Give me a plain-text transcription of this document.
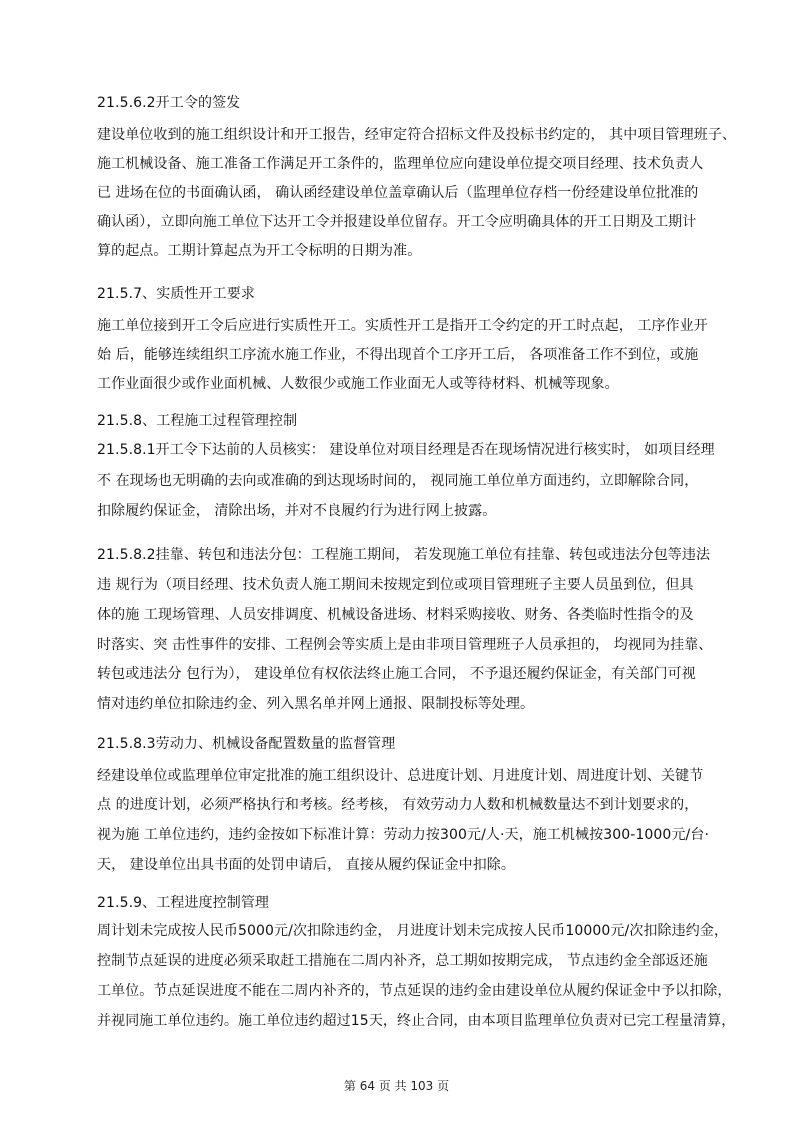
21.5.6.2开工令的签发
建设单位收到的施工组织设计和开工报告，经审定符合招标文件及投标书约定的， 其中项目管理班子、
施工机械设备、施工准备工作满足开工条件的，监理单位应向建设单位提交项目经理、技术负责人
已 进场在位的书面确认函， 确认函经建设单位盖章确认后（监理单位存档一份经建设单位批准的
确认函），立即向施工单位下达开工令并报建设单位留存。开工令应明确具体的开工日期及工期计
算的起点。工期计算起点为开工令标明的日期为准。
21.5.7、实质性开工要求
施工单位接到开工令后应进行实质性开工。实质性开工是指开工令约定的开工时点起， 工序作业开
始 后，能够连续组织工序流水施工作业，不得出现首个工序开工后， 各项准备工作不到位，或施
工作业面很少或作业面机械、人数很少或施工作业面无人或等待材料、机械等现象。
21.5.8、工程施工过程管理控制
21.5.8.1开工令下达前的人员核实： 建设单位对项目经理是否在现场情况进行核实时， 如项目经理
不 在现场也无明确的去向或准确的到达现场时间的， 视同施工单位单方面违约，立即解除合同，
扣除履约保证金， 清除出场，并对不良履约行为进行网上披露。
21.5.8.2挂靠、转包和违法分包：工程施工期间， 若发现施工单位有挂靠、转包或违法分包等违法
违 规行为（项目经理、技术负责人施工期间未按规定到位或项目管理班子主要人员虽到位，但具
体的施 工现场管理、人员安排调度、机械设备进场、材料采购接收、财务、各类临时性指令的及
时落实、突 击性事件的安排、工程例会等实质上是由非项目管理班子人员承担的， 均视同为挂靠、
转包或违法分 包行为）， 建设单位有权依法终止施工合同， 不予退还履约保证金，有关部门可视
情对违约单位扣除违约金、列入黑名单并网上通报、限制投标等处理。
21.5.8.3劳动力、机械设备配置数量的监督管理
经建设单位或监理单位审定批准的施工组织设计、总进度计划、月进度计划、周进度计划、关键节
点 的进度计划，必须严格执行和考核。经考核， 有效劳动力人数和机械数量达不到计划要求的，
视为施 工单位违约，违约金按如下标准计算：劳动力按300元/人·天，施工机械按300-1000元/台·
天， 建设单位出具书面的处罚申请后， 直接从履约保证金中扣除。
21.5.9、工程进度控制管理
周计划未完成按人民币5000元/次扣除违约金， 月进度计划未完成按人民币10000元/次扣除违约金，
控制节点延误的进度必须采取赶工措施在二周内补齐，总工期如按期完成， 节点违约金全部返还施
工单位。节点延误进度不能在二周内补齐的，节点延误的违约金由建设单位从履约保证金中予以扣除，
并视同施工单位违约。施工单位违约超过15天，终止合同，由本项目监理单位负责对已完工程量清算，
第 64 页 共 103 页
